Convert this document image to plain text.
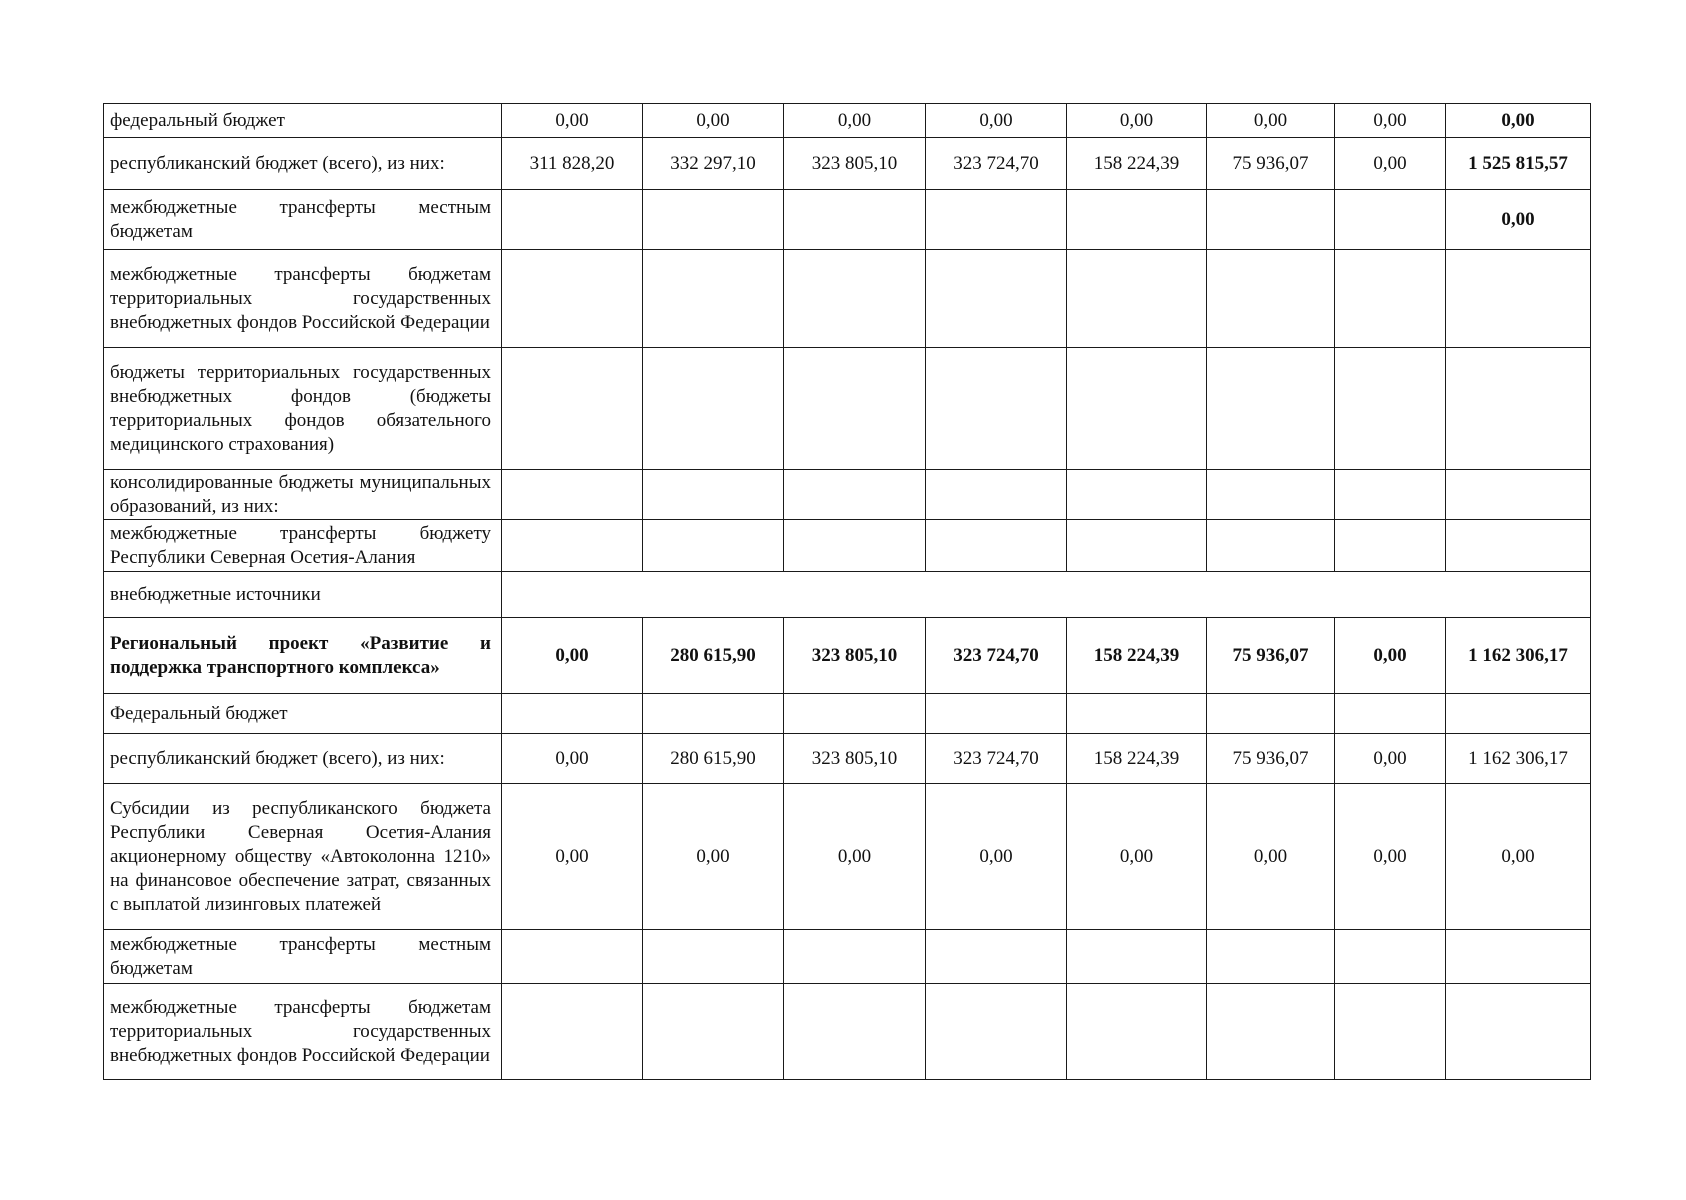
федеральный бюджет	0,00	0,00	0,00	0,00	0,00	0,00	0,00	0,00
республиканский бюджет (всего), из них:	311 828,20	332 297,10	323 805,10	323 724,70	158 224,39	75 936,07	0,00	1 525 815,57
межбюджетные трансферты местным бюджетам								0,00
межбюджетные трансферты бюджетам территориальных государственных внебюджетных фондов Российской Федерации								
бюджеты территориальных государственных внебюджетных фондов (бюджеты территориальных фондов обязательного медицинского страхования)								
консолидированные бюджеты муниципальных образований, из них:								
межбюджетные трансферты бюджету Республики Северная Осетия-Алания								
внебюджетные источники								
Региональный проект «Развитие и поддержка транспортного комплекса»	0,00	280 615,90	323 805,10	323 724,70	158 224,39	75 936,07	0,00	1 162 306,17
Федеральный бюджет								
республиканский бюджет (всего), из них:	0,00	280 615,90	323 805,10	323 724,70	158 224,39	75 936,07	0,00	1 162 306,17
Субсидии из республиканского бюджета Республики Северная Осетия-Алания акционерному обществу «Автоколонна 1210» на финансовое обеспечение затрат, связанных с выплатой лизинговых платежей	0,00	0,00	0,00	0,00	0,00	0,00	0,00	0,00
межбюджетные трансферты местным бюджетам								
межбюджетные трансферты бюджетам территориальных государственных внебюджетных фондов Российской Федерации								
